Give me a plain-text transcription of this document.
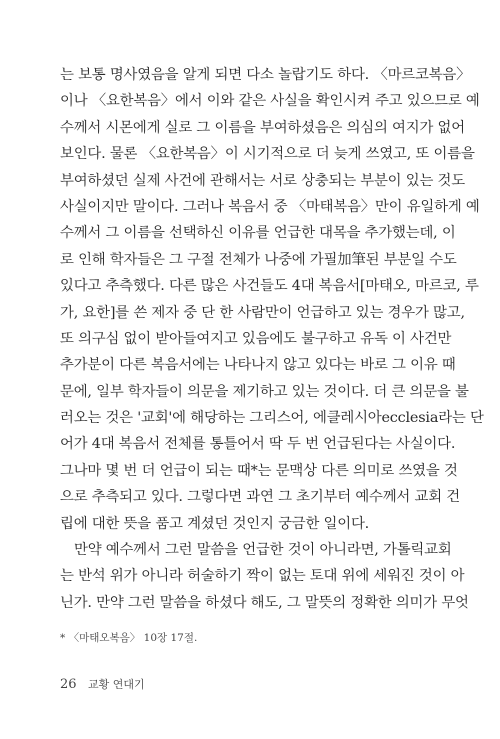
는 보통 명사였음을 알게 되면 다소 놀랍기도 하다. 〈마르코복음〉
이나 〈요한복음〉에서 이와 같은 사실을 확인시켜 주고 있으므로 예
수께서 시몬에게 실로 그 이름을 부여하셨음은 의심의 여지가 없어
보인다. 물론 〈요한복음〉이 시기적으로 더 늦게 쓰였고, 또 이름을
부여하셨던 실제 사건에 관해서는 서로 상충되는 부분이 있는 것도
사실이지만 말이다. 그러나 복음서 중 〈마태복음〉만이 유일하게 예
수께서 그 이름을 선택하신 이유를 언급한 대목을 추가했는데, 이
로 인해 학자들은 그 구절 전체가 나중에 가필加筆된 부분일 수도
있다고 추측했다. 다른 많은 사건들도 4대 복음서[마태오, 마르코, 루
가, 요한]를 쓴 제자 중 단 한 사람만이 언급하고 있는 경우가 많고,
또 의구심 없이 받아들여지고 있음에도 불구하고 유독 이 사건만
추가분이 다른 복음서에는 나타나지 않고 있다는 바로 그 이유 때
문에, 일부 학자들이 의문을 제기하고 있는 것이다. 더 큰 의문을 불
러오는 것은 '교회'에 해당하는 그리스어, 에클레시아ecclesia라는 단
어가 4대 복음서 전체를 통틀어서 딱 두 번 언급된다는 사실이다.
그나마 몇 번 더 언급이 되는 때*는 문맥상 다른 의미로 쓰였을 것
으로 추측되고 있다. 그렇다면 과연 그 초기부터 예수께서 교회 건
립에 대한 뜻을 품고 계셨던 것인지 궁금한 일이다.
만약 예수께서 그런 말씀을 언급한 것이 아니라면, 가톨릭교회
는 반석 위가 아니라 허술하기 짝이 없는 토대 위에 세워진 것이 아
닌가. 만약 그런 말씀을 하셨다 해도, 그 말뜻의 정확한 의미가 무엇
* 〈마태오복음〉 10장 17절.
26 교황 연대기
